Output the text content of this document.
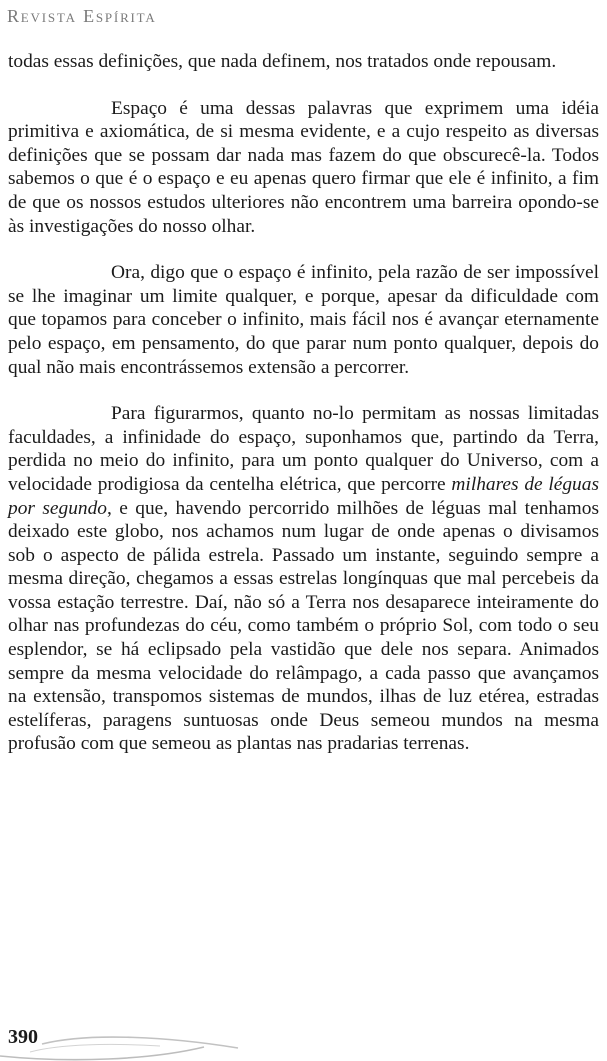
Revista Espírita

todas essas definições, que nada definem, nos tratados onde repousam.

Espaço é uma dessas palavras que exprimem uma idéia primitiva e axiomática, de si mesma evidente, e a cujo respeito as diversas definições que se possam dar nada mas fazem do que obscurecê-la. Todos sabemos o que é o espaço e eu apenas quero firmar que ele é infinito, a fim de que os nossos estudos ulteriores não encontrem uma barreira opondo-se às investigações do nosso olhar.

Ora, digo que o espaço é infinito, pela razão de ser impossível se lhe imaginar um limite qualquer, e porque, apesar da dificuldade com que topamos para conceber o infinito, mais fácil nos é avançar eternamente pelo espaço, em pensamento, do que parar num ponto qualquer, depois do qual não mais encontrássemos extensão a percorrer.

Para figurarmos, quanto no-lo permitam as nossas limitadas faculdades, a infinidade do espaço, suponhamos que, partindo da Terra, perdida no meio do infinito, para um ponto qualquer do Universo, com a velocidade prodigiosa da centelha elétrica, que percorre milhares de léguas por segundo, e que, havendo percorrido milhões de léguas mal tenhamos deixado este globo, nos achamos num lugar de onde apenas o divisamos sob o aspecto de pálida estrela. Passado um instante, seguindo sempre a mesma direção, chegamos a essas estrelas longínquas que mal percebeis da vossa estação terrestre. Daí, não só a Terra nos desaparece inteiramente do olhar nas profundezas do céu, como também o próprio Sol, com todo o seu esplendor, se há eclipsado pela vastidão que dele nos separa. Animados sempre da mesma velocidade do relâmpago, a cada passo que avançamos na extensão, transpomos sistemas de mundos, ilhas de luz etérea, estradas estelíferas, paragens suntuosas onde Deus semeou mundos na mesma profusão com que semeou as plantas nas pradarias terrenas.

390
